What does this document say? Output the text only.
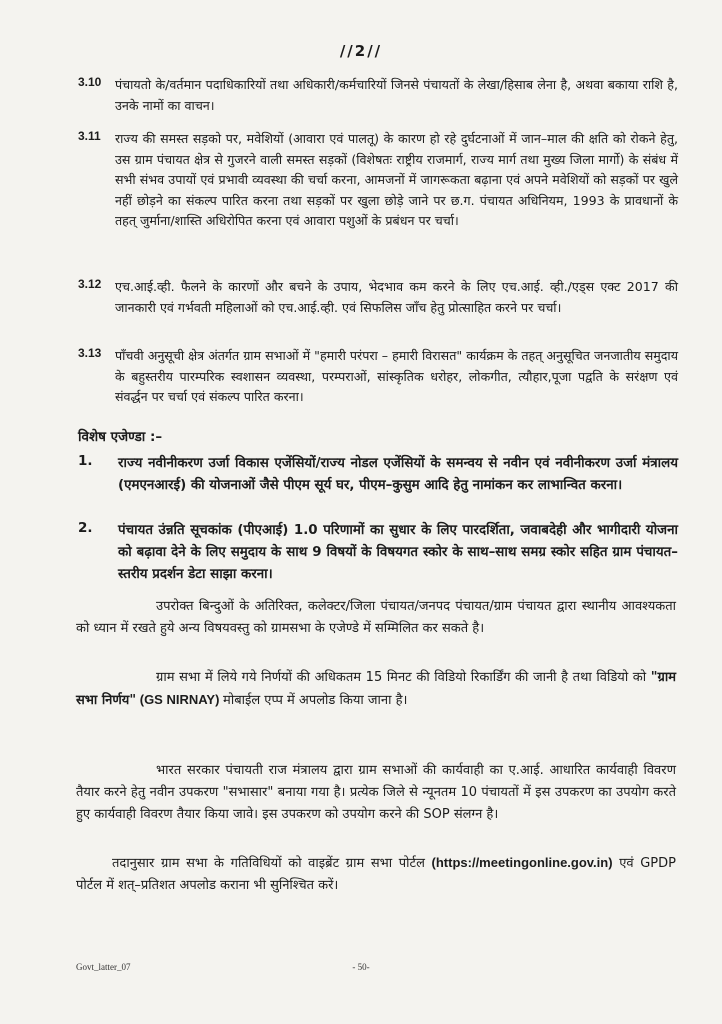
//2//
3.10 पंचायतो के/वर्तमान पदाधिकारियों तथा अधिकारी/कर्मचारियों जिनसे पंचायतों के लेखा/हिसाब लेना है, अथवा बकाया राशि है, उनके नामों का वाचन।
3.11 राज्य की समस्त सड़को पर, मवेशियों (आवारा एवं पालतू) के कारण हो रहे दुर्घटनाओं में जान–माल की क्षति को रोकने हेतु, उस ग्राम पंचायत क्षेत्र से गुजरने वाली समस्त सड़कों (विशेषतः राष्ट्रीय राजमार्ग, राज्य मार्ग तथा मुख्य जिला मार्गो) के संबंध में सभी संभव उपायों एवं प्रभावी व्यवस्था की चर्चा करना, आमजनों में जागरूकता बढ़ाना एवं अपने मवेशियों को सड़कों पर खुले नहीं छोड़ने का संकल्प पारित करना तथा सड़कों पर खुला छोड़े जाने पर छ.ग. पंचायत अधिनियम, 1993 के प्रावधानों के तहत् जुर्माना/शास्ति अधिरोपित करना एवं आवारा पशुओं के प्रबंधन पर चर्चा।
3.12 एच.आई.व्ही. फैलने के कारणों और बचने के उपाय, भेदभाव कम करने के लिए एच.आई. व्ही./एड्स एक्ट 2017 की जानकारी एवं गर्भवती महिलाओं को एच.आई.व्ही. एवं सिफलिस जाँच हेतु प्रोत्साहित करने पर चर्चा।
3.13 पाँचवी अनुसूची क्षेत्र अंतर्गत ग्राम सभाओं में "हमारी परंपरा – हमारी विरासत" कार्यक्रम के तहत् अनुसूचित जनजातीय समुदाय के बहुस्तरीय पारम्परिक स्वशासन व्यवस्था, परम्पराओं, सांस्कृतिक धरोहर, लोकगीत, त्यौहार,पूजा पद्वति के सरंक्षण एवं संवर्द्धन पर चर्चा एवं संकल्प पारित करना।
विशेष एजेण्डा :–
1. राज्य नवीनीकरण उर्जा विकास एजेंसियों/राज्य नोडल एजेंसियों के समन्वय से नवीन एवं नवीनीकरण उर्जा मंत्रालय (एमएनआरई) की योजनाओं जैसे पीएम सूर्य घर, पीएम–कुसुम आदि हेतु नामांकन कर लाभान्वित करना।
2. पंचायत उंन्नति सूचकांक (पीएआई) 1.0 परिणामों का सुधार के लिए पारदर्शिता, जवाबदेही और भागीदारी योजना को बढ़ावा देने के लिए समुदाय के साथ 9 विषयों के विषयगत स्कोर के साथ–साथ समग्र स्कोर सहित ग्राम पंचायत–स्तरीय प्रदर्शन डेटा साझा करना।
उपरोक्त बिन्दुओं के अतिरिक्त, कलेक्टर/जिला पंचायत/जनपद पंचायत/ग्राम पंचायत द्वारा स्थानीय आवश्यकता को ध्यान में रखते हुये अन्य विषयवस्तु को ग्रामसभा के एजेण्डे में सम्मिलित कर सकते है।
ग्राम सभा में लिये गये निर्णयों की अधिकतम 15 मिनट की विडियो रिकार्डिंग की जानी है तथा विडियो को "ग्राम सभा निर्णय" (GS NIRNAY) मोबाईल एप्प में अपलोड किया जाना है।
भारत सरकार पंचायती राज मंत्रालय द्वारा ग्राम सभाओं की कार्यवाही का ए.आई. आधारित कार्यवाही विवरण तैयार करने हेतु नवीन उपकरण "सभासार" बनाया गया है। प्रत्येक जिले से न्यूनतम 10 पंचायतों में इस उपकरण का उपयोग करते हुए कार्यवाही विवरण तैयार किया जावे। इस उपकरण को उपयोग करने की SOP संलग्न है।
तदानुसार ग्राम सभा के गतिविधियों को वाइब्रेंट ग्राम सभा पोर्टल (https://meetingonline.gov.in) एवं GPDP पोर्टल में शत्–प्रतिशत अपलोड कराना भी सुनिश्चित करें।
Govt_latter_07	- 50-
